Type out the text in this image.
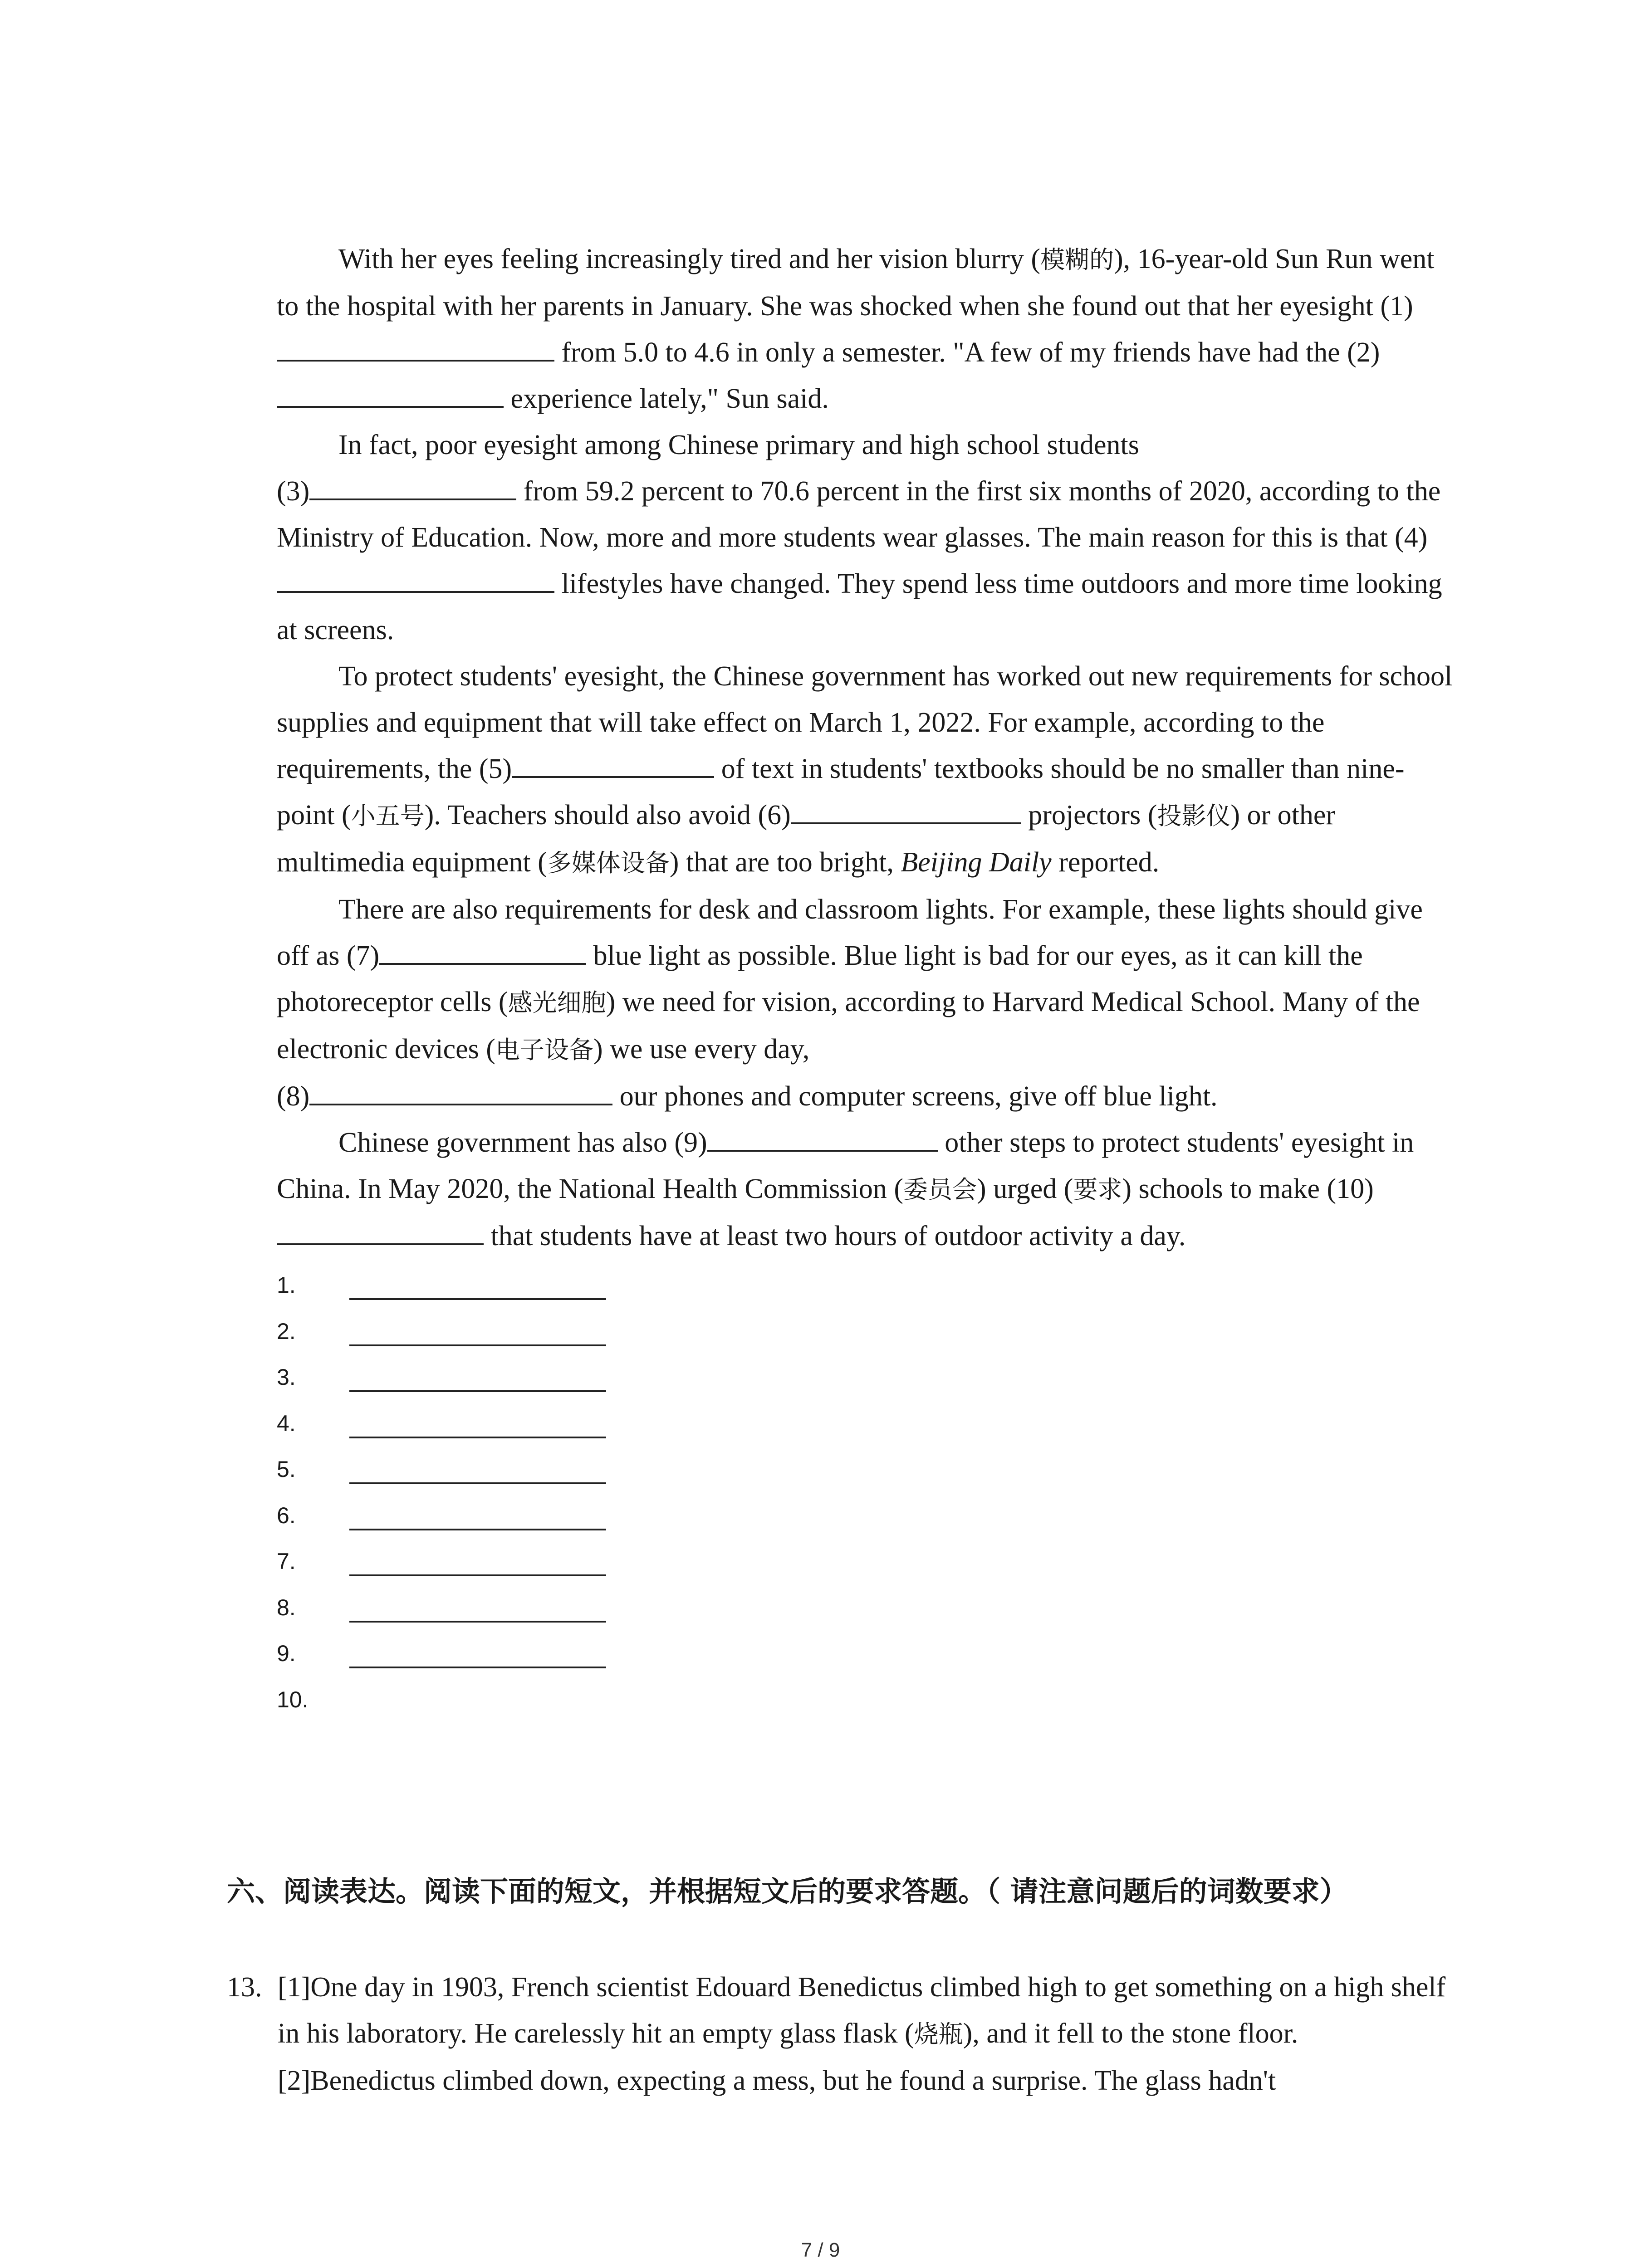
With her eyes feeling increasingly tired and her vision blurry (模糊的), 16-year-old Sun Run went to the hospital with her parents in January. She was shocked when she found out that her eyesight (1) from 5.0 to 4.6 in only a semester. "A few of my friends have had the (2) experience lately," Sun said.

In fact, poor eyesight among Chinese primary and high school students
(3)	from 59.2 percent to 70.6 percent in the first six months of 2020, according to the Ministry of Education. Now, more and more students wear glasses. The main reason for this is that (4) lifestyles have changed. They spend less time outdoors and more time looking at screens.

To protect students' eyesight, the Chinese government has worked out new requirements for school supplies and equipment that will take effect on March 1, 2022. For example, according to the requirements, the (5)	of text in students' textbooks should be no smaller than nine-point (小五号). Teachers should also avoid (6)	projectors (投影仪) or other multimedia equipment (多媒体设备) that are too bright, Beijing Daily reported.

There are also requirements for desk and classroom lights. For example, these lights should give off as (7)	blue light as possible. Blue light is bad for our eyes, as it can kill the photoreceptor cells (感光细胞) we need for vision, according to Harvard Medical School. Many of the electronic devices (电子设备) we use every day,
(8)	our phones and computer screens, give off blue light.

Chinese government has also (9)	other steps to protect students' eyesight in China. In May 2020, the National Health Commission (委员会) urged (要求) schools to make (10) that students have at least two hours of outdoor activity a day.

1.
2.
3.
4.
5.
6.
7.
8.
9.
10.
六、阅读表达。阅读下面的短文，并根据短文后的要求答题。（ 请注意问题后的词数要求）
13. [1]One day in 1903, French scientist Edouard Benedictus climbed high to get something on a high shelf in his laboratory. He carelessly hit an empty glass flask (烧瓶), and it fell to the stone floor.

[2]Benedictus climbed down, expecting a mess, but he found a surprise. The glass hadn't

7 / 9
